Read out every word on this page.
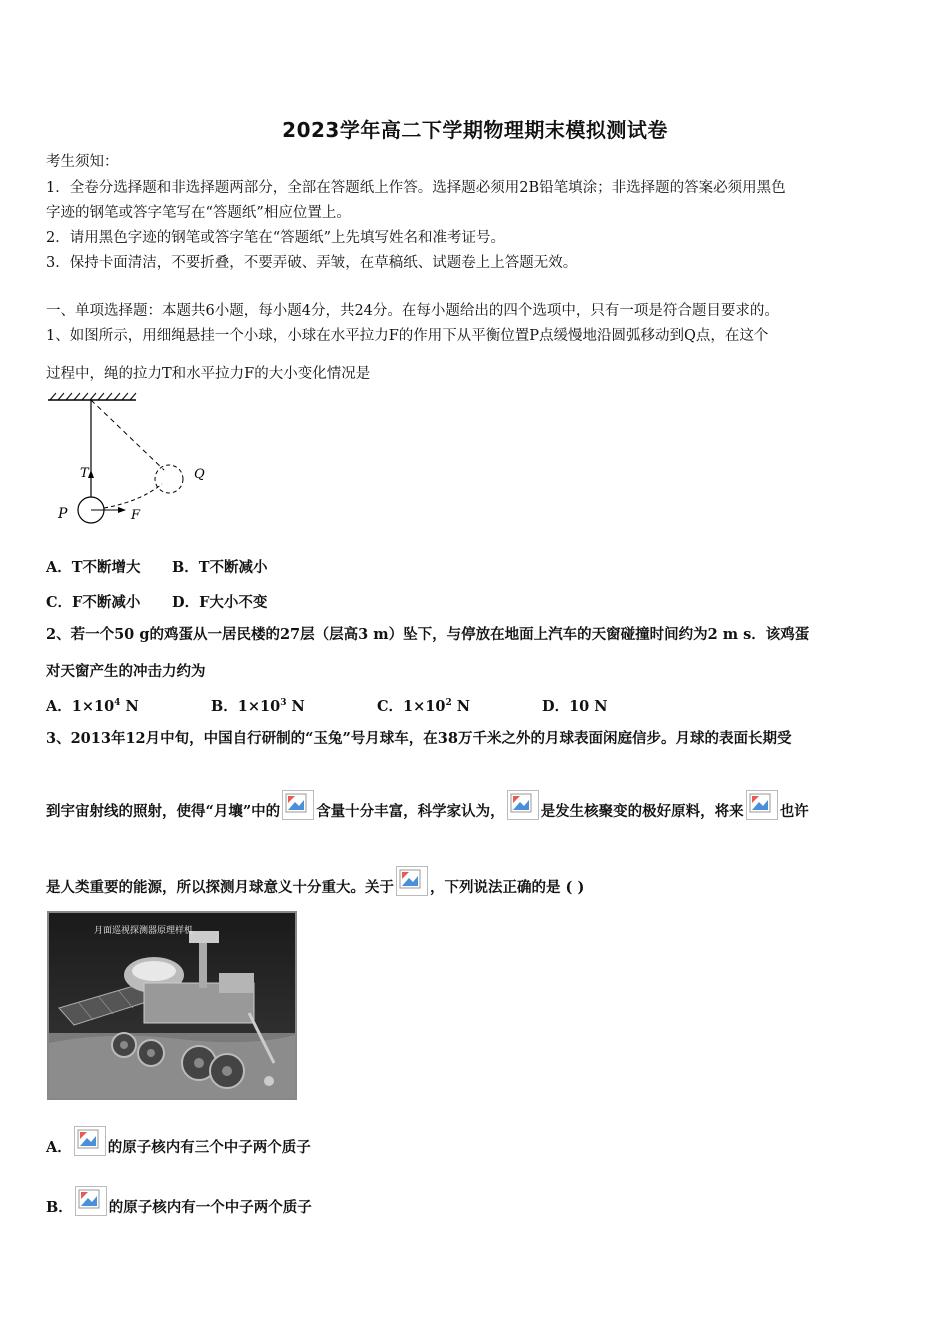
2023学年高二下学期物理期末模拟测试卷
考生须知：
1．全卷分选择题和非选择题两部分，全部在答题纸上作答。选择题必须用2B铅笔填涂；非选择题的答案必须用黑色
字迹的钢笔或答字笔写在“答题纸”相应位置上。
2．请用黑色字迹的钢笔或答字笔在“答题纸”上先填写姓名和准考证号。
3．保持卡面清洁，不要折叠，不要弄破、弄皱，在草稿纸、试题卷上上答题无效。
一、单项选择题：本题共6小题，每小题4分，共24分。在每小题给出的四个选项中，只有一项是符合题目要求的。
1、如图所示，用细绳悬挂一个小球，小球在水平拉力F的作用下从平衡位置P点缓慢地沿圆弧移动到Q点，在这个
过程中，绳的拉力T和水平拉力F的大小变化情况是
T
P	F
Q
A．T不断增大 B．T不断减小
C．F不断减小 D．F大小不变
2、若一个50 g的鸡蛋从一居民楼的27层（层高3 m）坠下，与停放在地面上汽车的天窗碰撞时间约为2 m s．该鸡蛋
对天窗产生的冲击力约为
A．$1\times 10^4$ N	B．$1\times 10^3$ N	C．$1\times 10^2$ N	D．10 N
3、2013年12月中旬，中国自行研制的“玉兔”号月球车，在38万千米之外的月球表面闲庭信步。月球的表面长期受
到宇宙射线的照射，使得“月壤”中的 含量十分丰富，科学家认为， 是发生核聚变的极好原料，将来 也许
是人类重要的能源，所以探测月球意义十分重大。关于 ，下列说法正确的是 ( )
月面巡视探测器原理样机
A． 的原子核内有三个中子两个质子
B． 的原子核内有一个中子两个质子
